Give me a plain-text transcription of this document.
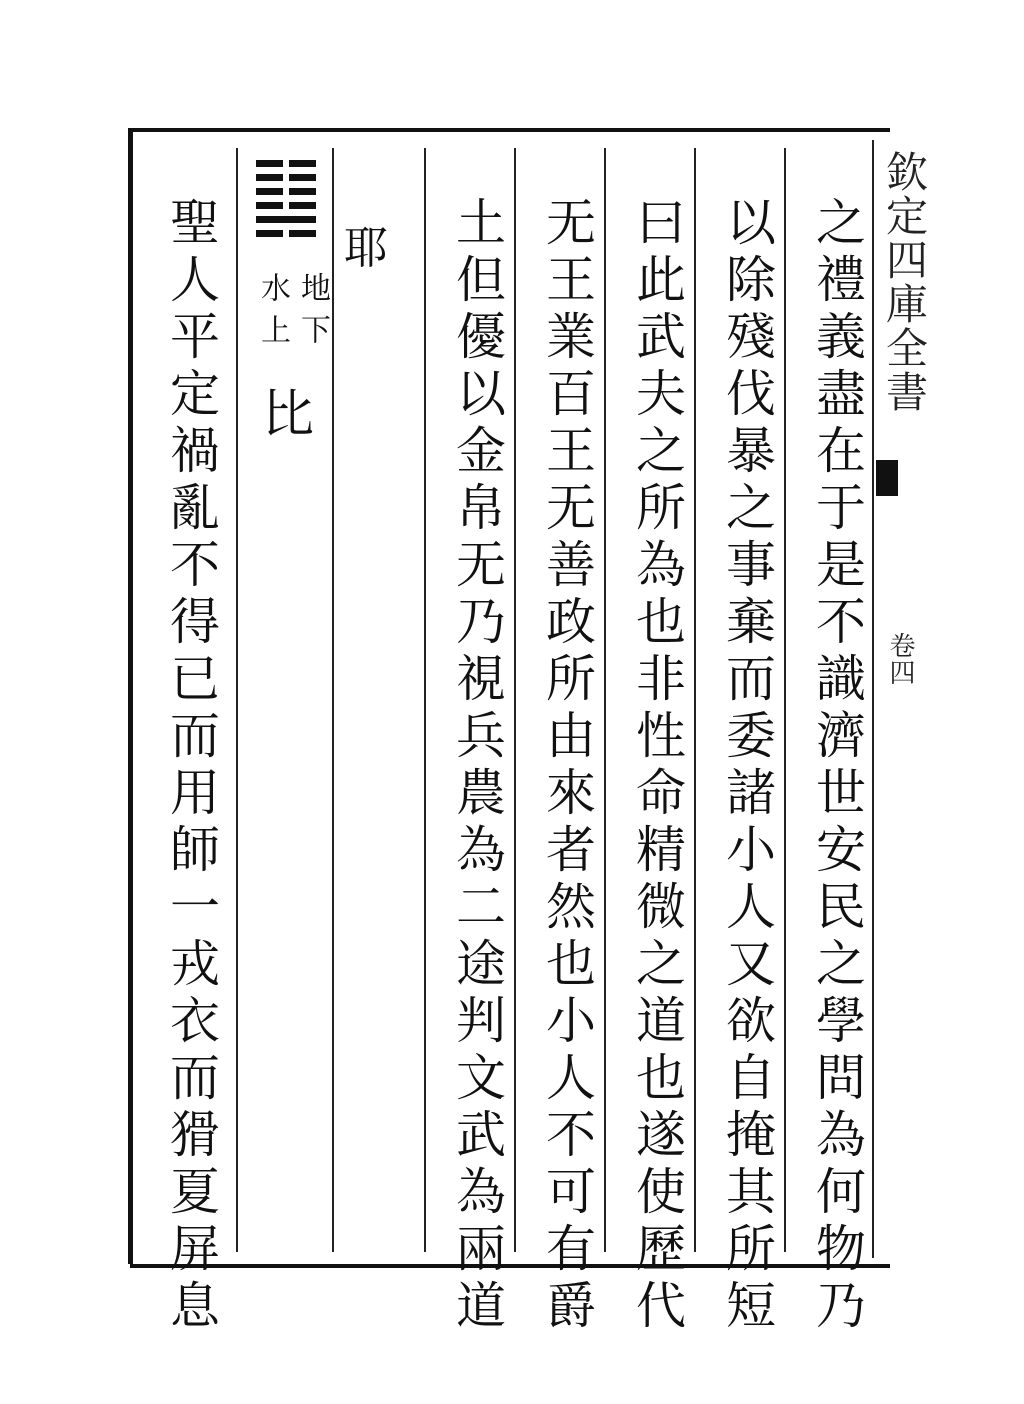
欽定四庫全書
卷四
之禮義盡在于是不識濟世安民之學問為何物乃
以除殘伐暴之事棄而委諸小人又欲自掩其所短
曰此武夫之所為也非性命精微之道也遂使歷代
无王業百王无善政所由來者然也小人不可有爵
土但優以金帛无乃視兵農為二途判文武為兩道
耶
聖人平定禍亂不得已而用師一戎衣而猾夏屏息	地下
水上
比
